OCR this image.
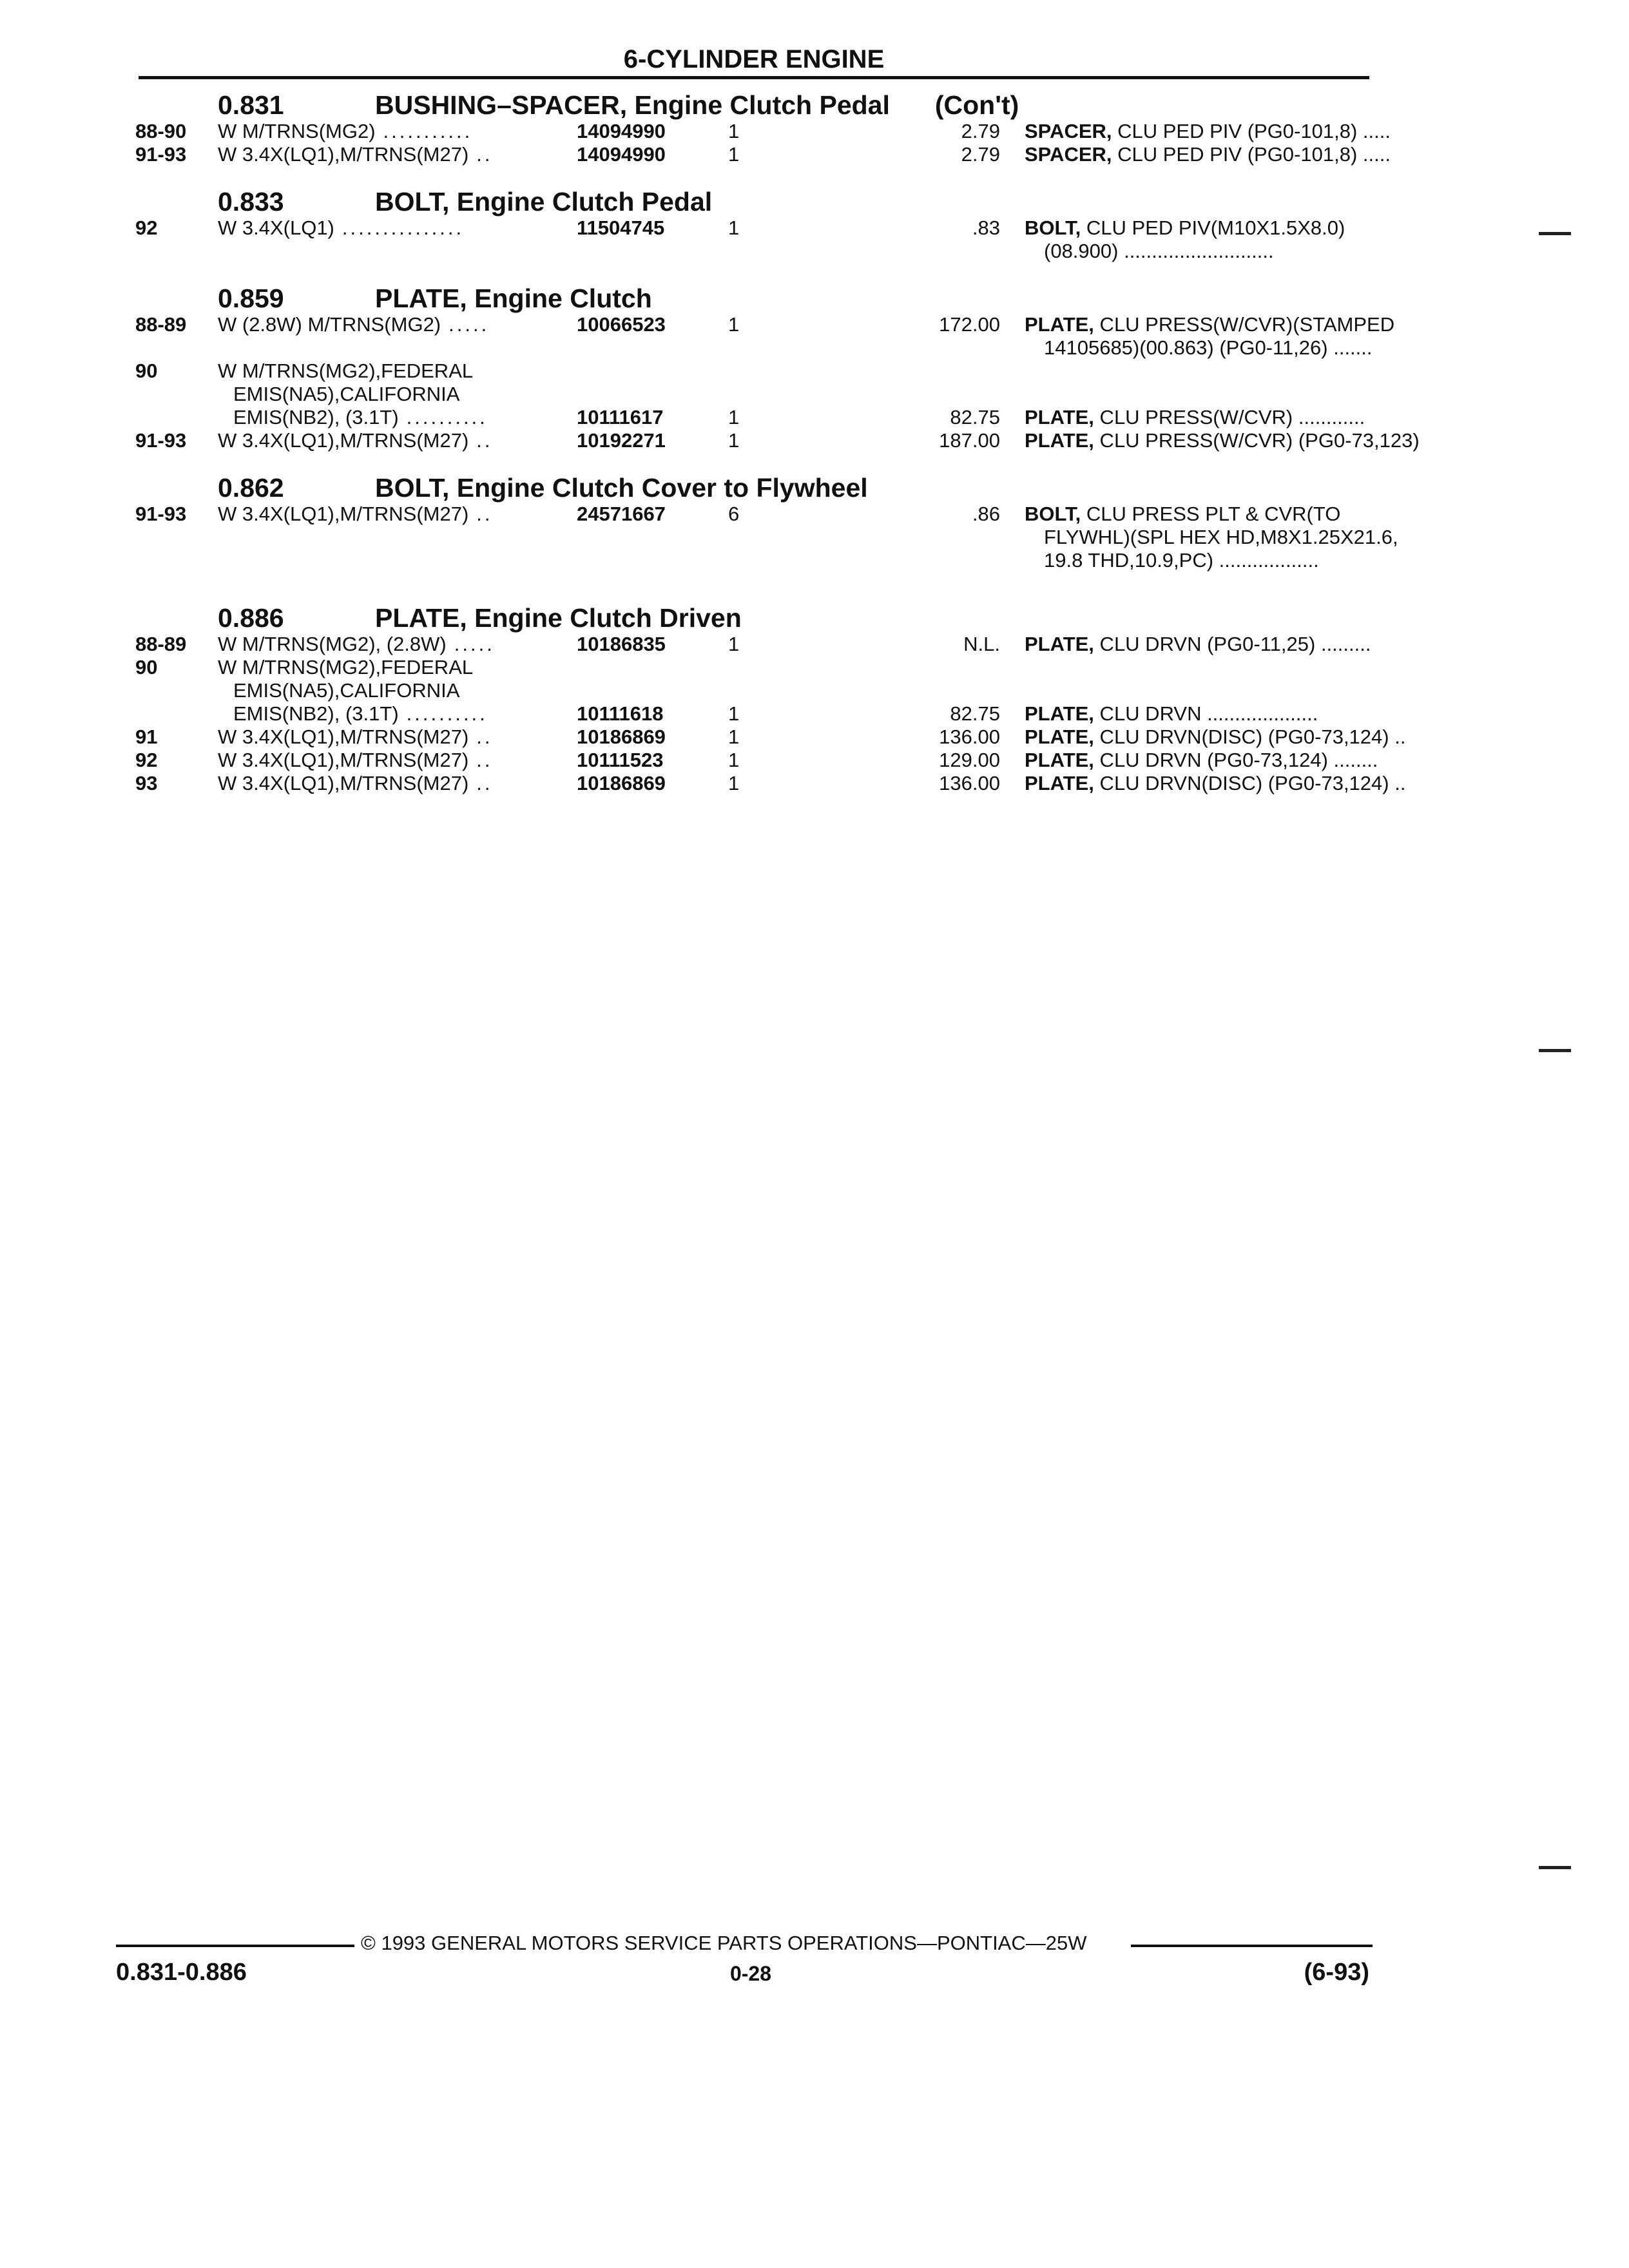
6-CYLINDER ENGINE
0.831	BUSHING–SPACER, Engine Clutch Pedal (Con't)
88-90	W M/TRNS(MG2) ...........	14094990	1	2.79 SPACER, CLU PED PIV (PG0-101,8) .....
91-93	W 3.4X(LQ1),M/TRNS(M27) ..	14094990	1	2.79 SPACER, CLU PED PIV (PG0-101,8) .....
0.833	BOLT, Engine Clutch Pedal
92	W 3.4X(LQ1) ...............	11504745	1	.83 BOLT, CLU PED PIV(M10X1.5X8.0)
(08.900) ...........................
0.859	PLATE, Engine Clutch
88-89	W (2.8W) M/TRNS(MG2) .....	10066523	1	172.00 PLATE, CLU PRESS(W/CVR)(STAMPED
14105685)(00.863) (PG0-11,26) .......
90	W M/TRNS(MG2),FEDERAL
EMIS(NA5),CALIFORNIA
EMIS(NB2), (3.1T) ..........	10111617	1	82.75 PLATE, CLU PRESS(W/CVR) ............
91-93	W 3.4X(LQ1),M/TRNS(M27) ..	10192271	1	187.00 PLATE, CLU PRESS(W/CVR) (PG0-73,123)
0.862	BOLT, Engine Clutch Cover to Flywheel
91-93	W 3.4X(LQ1),M/TRNS(M27) ..	24571667	6	.86 BOLT, CLU PRESS PLT & CVR(TO
FLYWHL)(SPL HEX HD,M8X1.25X21.6,
19.8 THD,10.9,PC) ..................
0.886	PLATE, Engine Clutch Driven
88-89	W M/TRNS(MG2), (2.8W) .....	10186835	1	N.L. PLATE, CLU DRVN (PG0-11,25) .........
90	W M/TRNS(MG2),FEDERAL
EMIS(NA5),CALIFORNIA
EMIS(NB2), (3.1T) ..........	10111618	1	82.75 PLATE, CLU DRVN ....................
91	W 3.4X(LQ1),M/TRNS(M27) ..	10186869	1	136.00 PLATE, CLU DRVN(DISC) (PG0-73,124) ..
92	W 3.4X(LQ1),M/TRNS(M27) ..	10111523	1	129.00 PLATE, CLU DRVN (PG0-73,124) ........
93	W 3.4X(LQ1),M/TRNS(M27) ..	10186869	1	136.00 PLATE, CLU DRVN(DISC) (PG0-73,124) ..
© 1993 GENERAL MOTORS SERVICE PARTS OPERATIONS—PONTIAC—25W
0.831-0.886	0-28	(6-93)
